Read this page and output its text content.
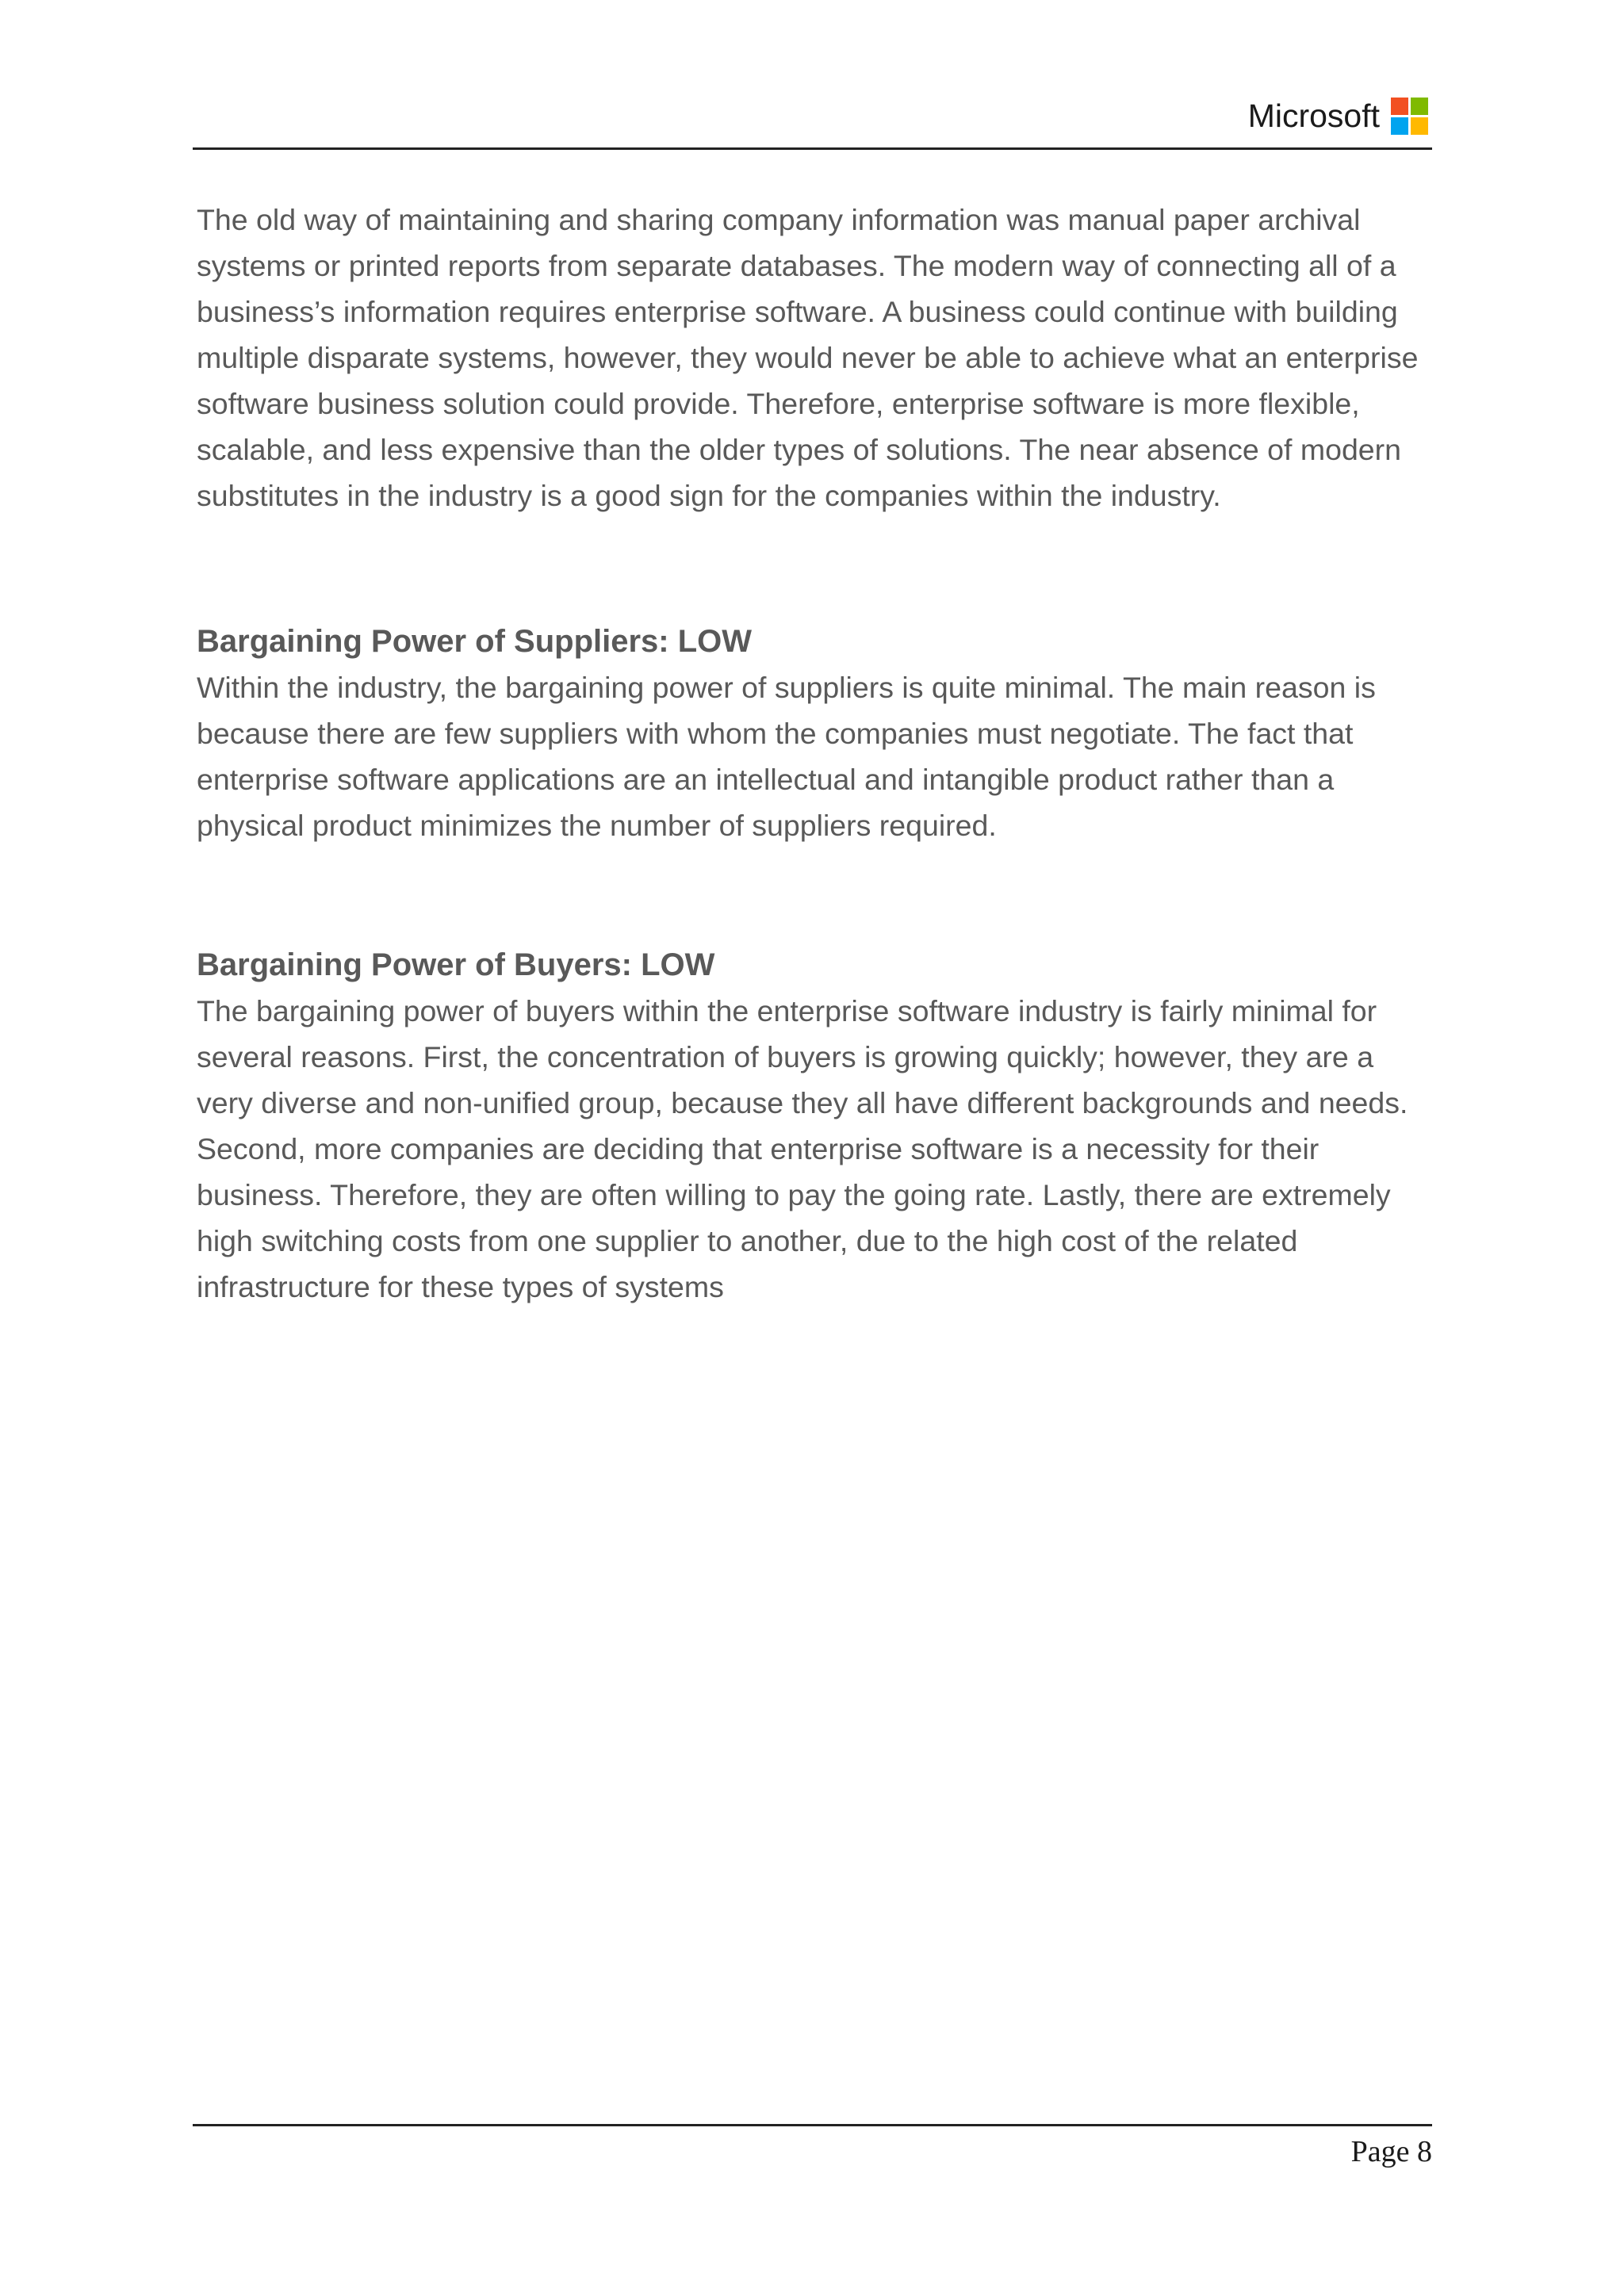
Microsoft

The old way of maintaining and sharing company information was manual paper archival systems or printed reports from separate databases. The modern way of connecting all of a business’s information requires enterprise software. A business could continue with building multiple disparate systems, however, they would never be able to achieve what an enterprise software business solution could provide. Therefore, enterprise software is more flexible, scalable, and less expensive than the older types of solutions. The near absence of modern substitutes in the industry is a good sign for the companies within the industry.

Bargaining Power of Suppliers: LOW

Within the industry, the bargaining power of suppliers is quite minimal. The main reason is because there are few suppliers with whom the companies must negotiate. The fact that enterprise software applications are an intellectual and intangible product rather than a physical product minimizes the number of suppliers required.

Bargaining Power of Buyers: LOW

The bargaining power of buyers within the enterprise software industry is fairly minimal for several reasons. First, the concentration of buyers is growing quickly; however, they are a very diverse and non-unified group, because they all have different backgrounds and needs. Second, more companies are deciding that enterprise software is a necessity for their business. Therefore, they are often willing to pay the going rate. Lastly, there are extremely high switching costs from one supplier to another, due to the high cost of the related infrastructure for these types of systems

Page 8
